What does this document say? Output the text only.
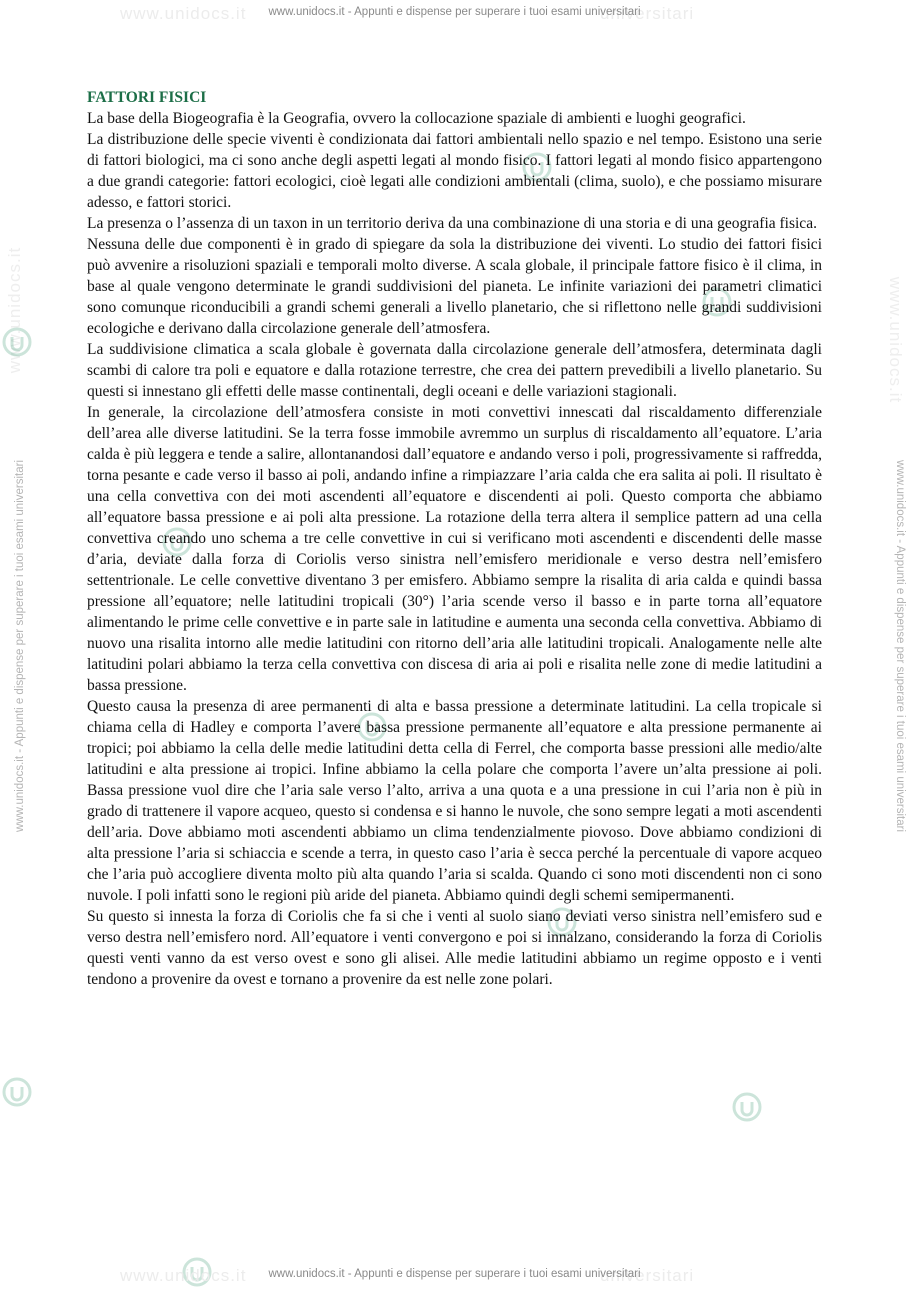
www.unidocs.it	universitari
www.unidocs.it - Appunti e dispense per superare i tuoi esami universitari
www.unidocs.it	www.unidocs.it
www.unidocs.it - Appunti e dispense per superare i tuoi esami universitari	www.unidocs.it - Appunti e dispense per superare i tuoi esami universitari

FATTORI FISICI

La base della Biogeografia è la Geografia, ovvero la collocazione spaziale di ambienti e luoghi geografici.

La distribuzione delle specie viventi è condizionata dai fattori ambientali nello spazio e nel tempo. Esistono una serie di fattori biologici, ma ci sono anche degli aspetti legati al mondo fisico. I fattori legati al mondo fisico appartengono a due grandi categorie: fattori ecologici, cioè legati alle condizioni ambientali (clima, suolo), e che possiamo misurare adesso, e fattori storici.

La presenza o l’assenza di un taxon in un territorio deriva da una combinazione di una storia e di una geografia fisica.

Nessuna delle due componenti è in grado di spiegare da sola la distribuzione dei viventi. Lo studio dei fattori fisici può avvenire a risoluzioni spaziali e temporali molto diverse. A scala globale, il principale fattore fisico è il clima, in base al quale vengono determinate le grandi suddivisioni del pianeta. Le infinite variazioni dei parametri climatici sono comunque riconducibili a grandi schemi generali a livello planetario, che si riflettono nelle grandi suddivisioni ecologiche e derivano dalla circolazione generale dell’atmosfera.

La suddivisione climatica a scala globale è governata dalla circolazione generale dell’atmosfera, determinata dagli scambi di calore tra poli e equatore e dalla rotazione terrestre, che crea dei pattern prevedibili a livello planetario. Su questi si innestano gli effetti delle masse continentali, degli oceani e delle variazioni stagionali.

In generale, la circolazione dell’atmosfera consiste in moti convettivi innescati dal riscaldamento differenziale dell’area alle diverse latitudini. Se la terra fosse immobile avremmo un surplus di riscaldamento all’equatore. L’aria calda è più leggera e tende a salire, allontanandosi dall’equatore e andando verso i poli, progressivamente si raffredda, torna pesante e cade verso il basso ai poli, andando infine a rimpiazzare l’aria calda che era salita ai poli. Il risultato è una cella convettiva con dei moti ascendenti all’equatore e discendenti ai poli. Questo comporta che abbiamo all’equatore bassa pressione e ai poli alta pressione. La rotazione della terra altera il semplice pattern ad una cella convettiva creando uno schema a tre celle convettive in cui si verificano moti ascendenti e discendenti delle masse d’aria, deviate dalla forza di Coriolis verso sinistra nell’emisfero meridionale e verso destra nell’emisfero settentrionale. Le celle convettive diventano 3 per emisfero. Abbiamo sempre la risalita di aria calda e quindi bassa pressione all’equatore; nelle latitudini tropicali (30°) l’aria scende verso il basso e in parte torna all’equatore alimentando le prime celle convettive e in parte sale in latitudine e aumenta una seconda cella convettiva. Abbiamo di nuovo una risalita intorno alle medie latitudini con ritorno dell’aria alle latitudini tropicali. Analogamente nelle alte latitudini polari abbiamo la terza cella convettiva con discesa di aria ai poli e risalita nelle zone di medie latitudini a bassa pressione.

Questo causa la presenza di aree permanenti di alta e bassa pressione a determinate latitudini. La cella tropicale si chiama cella di Hadley e comporta l’avere bassa pressione permanente all’equatore e alta pressione permanente ai tropici; poi abbiamo la cella delle medie latitudini detta cella di Ferrel, che comporta basse pressioni alle medio/alte latitudini e alta pressione ai tropici. Infine abbiamo la cella polare che comporta l’avere un’alta pressione ai poli. Bassa pressione vuol dire che l’aria sale verso l’alto, arriva a una quota e a una pressione in cui l’aria non è più in grado di trattenere il vapore acqueo, questo si condensa e si hanno le nuvole, che sono sempre legati a moti ascendenti dell’aria. Dove abbiamo moti ascendenti abbiamo un clima tendenzialmente piovoso. Dove abbiamo condizioni di alta pressione l’aria si schiaccia e scende a terra, in questo caso l’aria è secca perché la percentuale di vapore acqueo che l’aria può accogliere diventa molto più alta quando l’aria si scalda. Quando ci sono moti discendenti non ci sono nuvole. I poli infatti sono le regioni più aride del pianeta. Abbiamo quindi degli schemi semipermanenti.

Su questo si innesta la forza di Coriolis che fa si che i venti al suolo siano deviati verso sinistra nell’emisfero sud e verso destra nell’emisfero nord. All’equatore i venti convergono e poi si innalzano, considerando la forza di Coriolis questi venti vanno da est verso ovest e sono gli alisei. Alle medie latitudini abbiamo un regime opposto e i venti tendono a provenire da ovest e tornano a provenire da est nelle zone polari.

www.unidocs.it	universitari
www.unidocs.it - Appunti e dispense per superare i tuoi esami universitari
